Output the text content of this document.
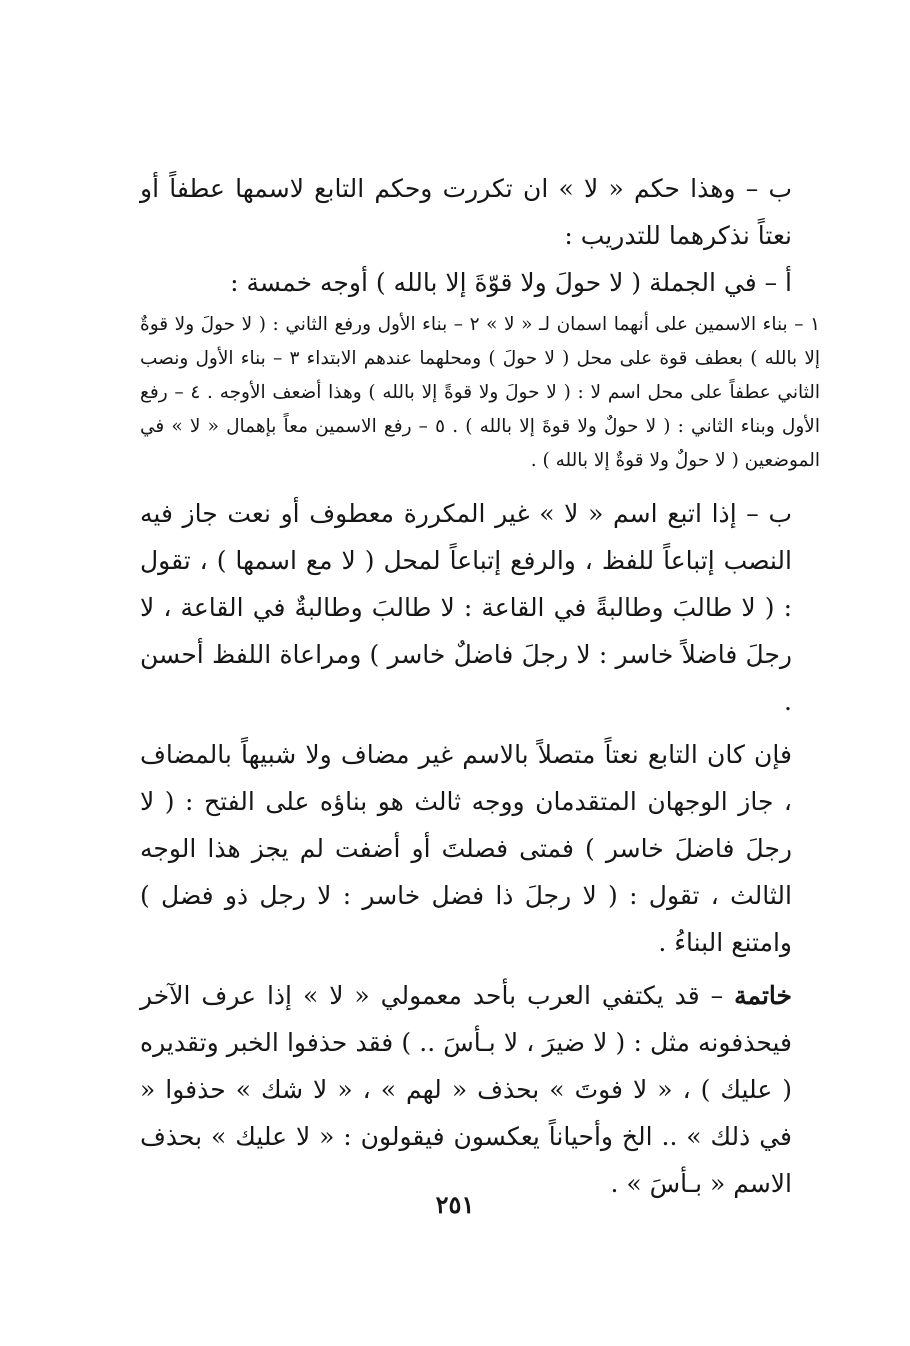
ب – وهذا حكم « لا » ان تكررت وحكم التابع لاسمها عطفاً أو نعتاً نذكرهما للتدريب :

أ – في الجملة ( لا حولَ ولا قوّةَ إلا بالله ) أوجه خمسة :

١ – بناء الاسمين على أنهما اسمان لـ « لا » ٢ – بناء الأول ورفع الثاني : ( لا حولَ ولا قوةٌ إلا بالله ) بعطف قوة على محل ( لا حولَ ) ومحلهما عندهم الابتداء ٣ – بناء الأول ونصب الثاني عطفاً على محل اسم لا : ( لا حولَ ولا قوةً إلا بالله ) وهذا أضعف الأوجه . ٤ – رفع الأول وبناء الثاني : ( لا حولٌ ولا قوةَ إلا بالله ) . ٥ – رفع الاسمين معاً بإهمال « لا » في الموضعين ( لا حولٌ ولا قوةٌ إلا بالله ) .

ب – إذا اتبع اسم « لا » غير المكررة معطوف أو نعت جاز فيه النصب إتباعاً للفظ ، والرفع إتباعاً لمحل ( لا مع اسمها ) ، تقول : ( لا طالبَ وطالبةً في القاعة : لا طالبَ وطالبةٌ في القاعة ، لا رجلَ فاضلاً خاسر : لا رجلَ فاضلٌ خاسر ) ومراعاة اللفظ أحسن .

فإن كان التابع نعتاً متصلاً بالاسم غير مضاف ولا شبيهاً بالمضاف ، جاز الوجهان المتقدمان ووجه ثالث هو بناؤه على الفتح : ( لا رجلَ فاضلَ خاسر ) فمتى فصلتَ أو أضفت لم يجز هذا الوجه الثالث ، تقول : ( لا رجلَ ذا فضل خاسر : لا رجل ذو فضل ) وامتنع البناءُ .

خاتمة – قد يكتفي العرب بأحد معمولي « لا » إذا عرف الآخر فيحذفونه مثل : ( لا ضيرَ ، لا بـأسَ .. ) فقد حذفوا الخبر وتقديره ( عليك ) ، « لا فوتَ » بحذف « لهم » ، « لا شك » حذفوا « في ذلك » .. الخ وأحياناً يعكسون فيقولون : « لا عليك » بحذف الاسم « بـأسَ » .

٢٥١
